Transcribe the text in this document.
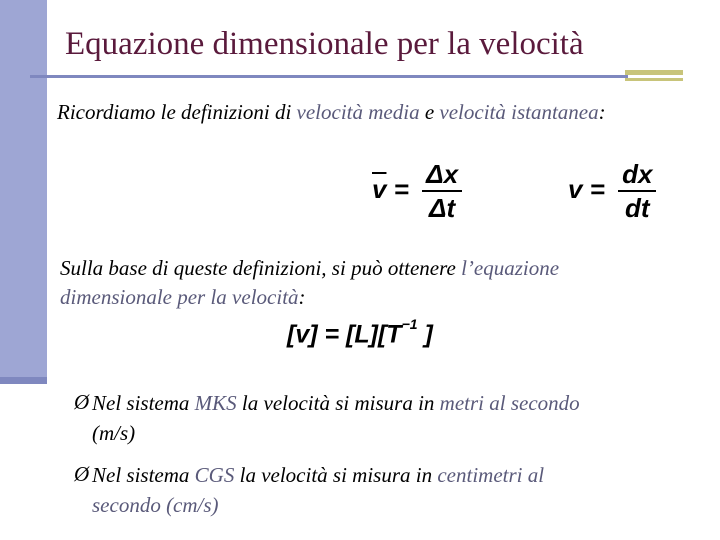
Equazione dimensionale per la velocità
Ricordiamo le definizioni di velocità media e velocità istantanea:
$\overline{v} = \frac{\Delta x}{\Delta t}$	$v = \frac{dx}{dt}$
Sulla base di queste definizioni, si può ottenere l’equazione
dimensionale per la velocità:
$[v] = [L][T^{-1}$ ]
Ø Nel sistema MKS la velocità si misura in metri al secondo
(m/s)
Ø Nel sistema CGS la velocità si misura in centimetri al
secondo (cm/s)
